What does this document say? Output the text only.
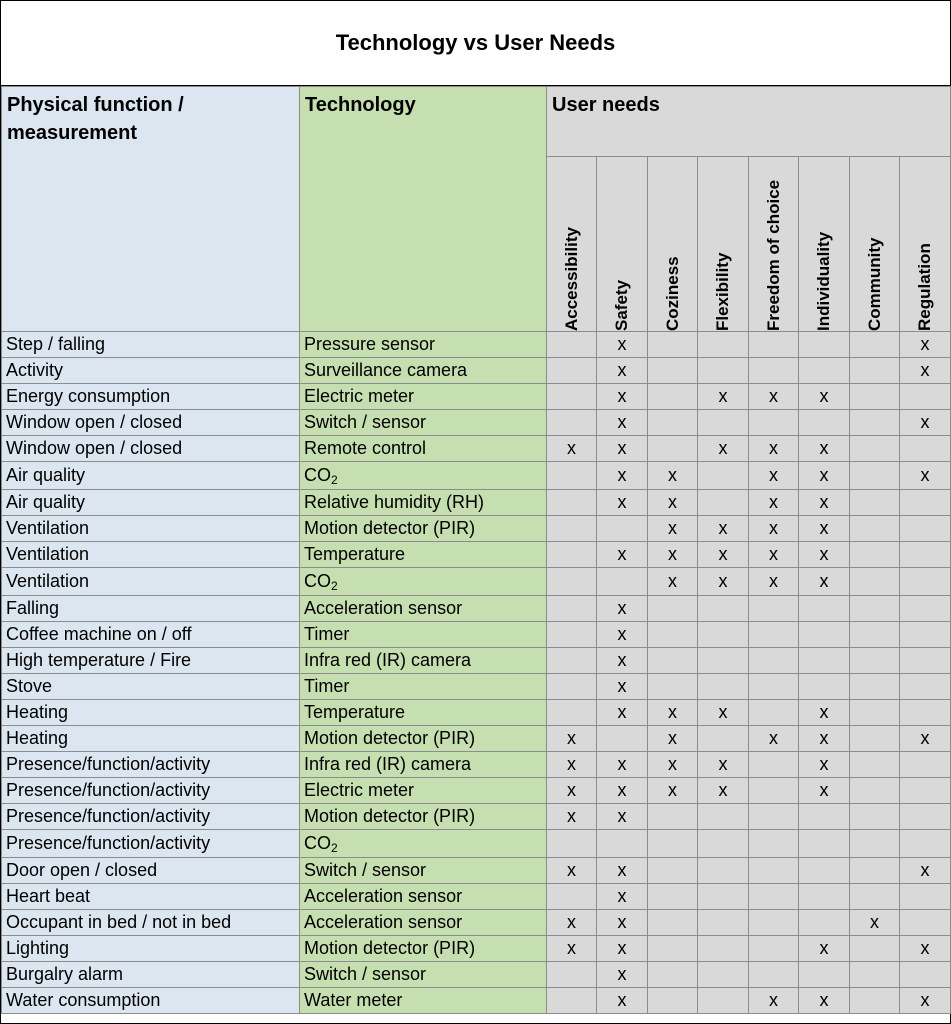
Technology vs User Needs
Physical function / measurement	Technology	User needs							

		Accessibility	Safety	Coziness	Flexibility	Freedom of choice	Individuality	Community	Regulation

Step / falling	Pressure sensor		x						x
Activity	Surveillance camera		x						x
Energy consumption	Electric meter		x		x	x	x		
Window open / closed	Switch / sensor		x						x
Window open / closed	Remote control	x	x		x	x	x		
Air quality	$CO_2$		x	x		x	x		x
Air quality	Relative humidity (RH)		x	x		x	x		
Ventilation	Motion detector (PIR)			x	x	x	x		
Ventilation	Temperature		x	x	x	x	x		
Ventilation	$CO_2$			x	x	x	x		
Falling	Acceleration sensor		x						
Coffee machine on / off	Timer		x						
High temperature / Fire	Infra red (IR) camera		x						
Stove	Timer		x						
Heating	Temperature		x	x	x		x		
Heating	Motion detector (PIR)	x		x		x	x		x
Presence/function/activity	Infra red (IR) camera	x	x	x	x		x		
Presence/function/activity	Electric meter	x	x	x	x		x		
Presence/function/activity	Motion detector (PIR)	x	x						
Presence/function/activity	$CO_2$								
Door open / closed	Switch / sensor	x	x						x
Heart beat	Acceleration sensor		x						
Occupant in bed / not in bed	Acceleration sensor	x	x					x	
Lighting	Motion detector (PIR)	x	x				x		x
Burgalry alarm	Switch / sensor		x						
Water consumption	Water meter		x			x	x		x
